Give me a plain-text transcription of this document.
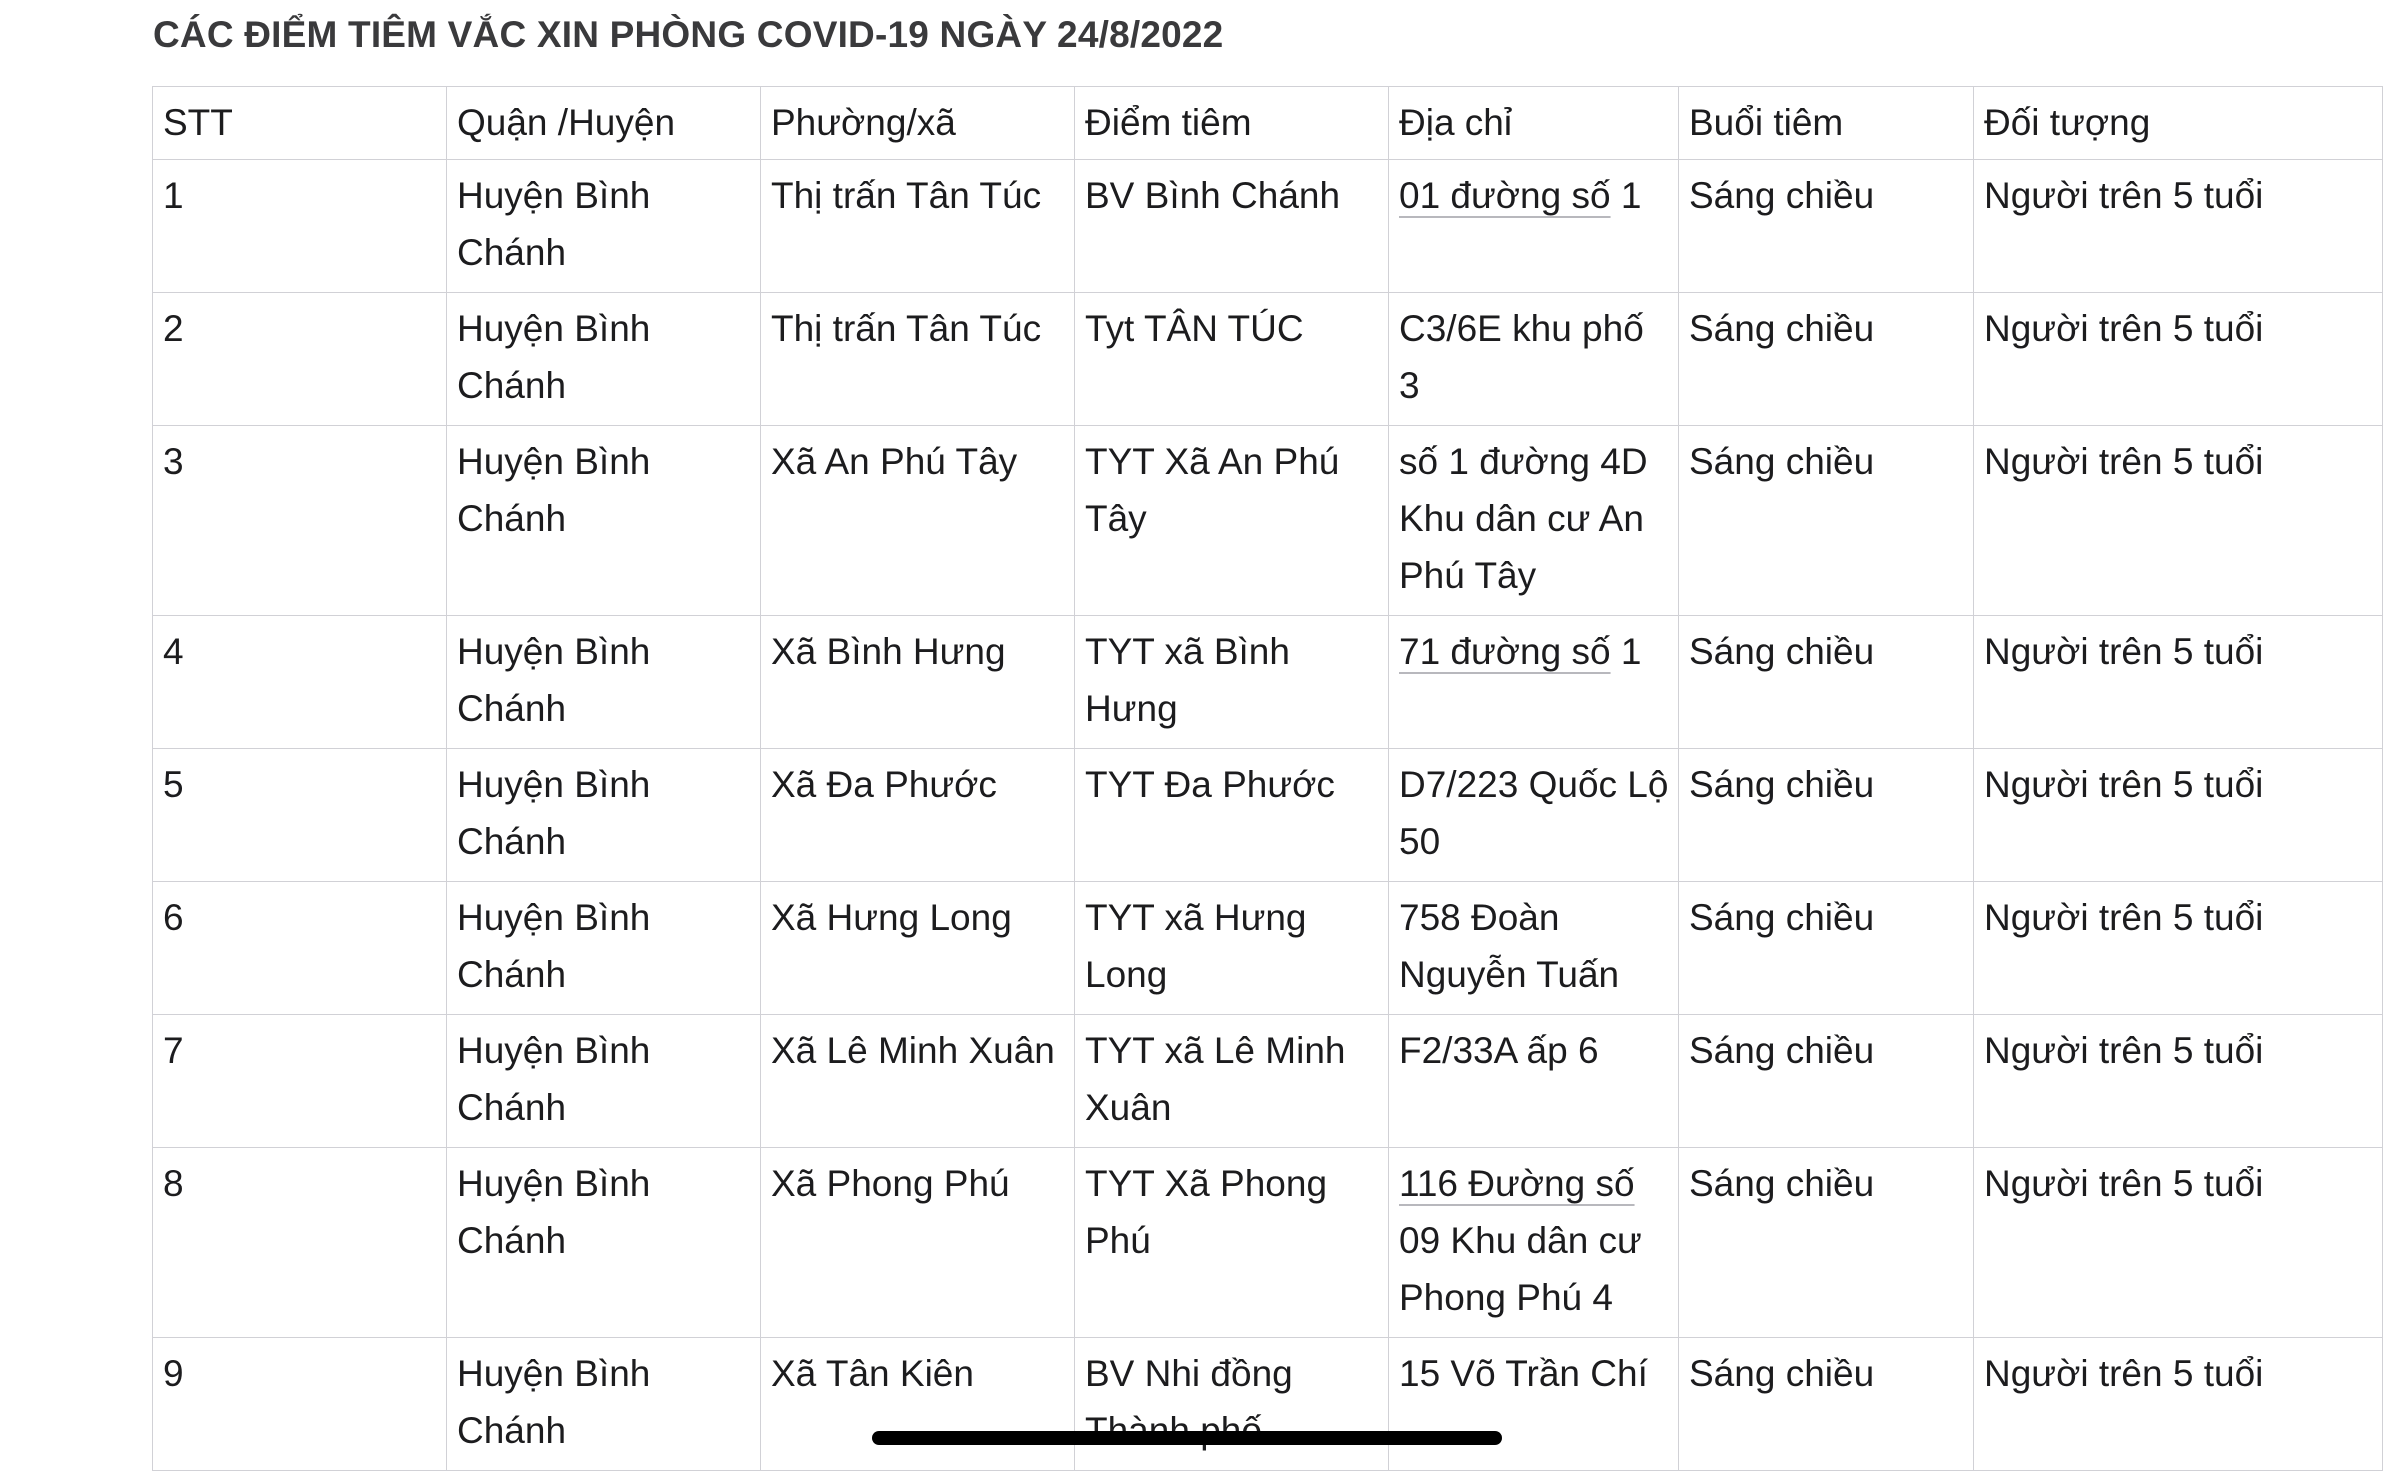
CÁC ĐIỂM TIÊM VẮC XIN PHÒNG COVID-19 NGÀY 24/8/2022
STT	Quận /Huyện	Phường/xã	Điểm tiêm	Địa chỉ	Buổi tiêm	Đối tượng
1	Huyện Bình Chánh	Thị trấn Tân Túc	BV Bình Chánh	01 đường số 1	Sáng chiều	Người trên 5 tuổi
2	Huyện Bình Chánh	Thị trấn Tân Túc	Tyt TÂN TÚC	C3/6E khu phố 3	Sáng chiều	Người trên 5 tuổi
3	Huyện Bình Chánh	Xã An Phú Tây	TYT Xã An Phú Tây	số 1 đường 4D Khu dân cư An Phú Tây	Sáng chiều	Người trên 5 tuổi
4	Huyện Bình Chánh	Xã Bình Hưng	TYT xã Bình Hưng	71 đường số 1	Sáng chiều	Người trên 5 tuổi
5	Huyện Bình Chánh	Xã Đa Phước	TYT Đa Phước	D7/223 Quốc Lộ 50	Sáng chiều	Người trên 5 tuổi
6	Huyện Bình Chánh	Xã Hưng Long	TYT xã Hưng Long	758 Đoàn Nguyễn Tuấn	Sáng chiều	Người trên 5 tuổi
7	Huyện Bình Chánh	Xã Lê Minh Xuân	TYT xã Lê Minh Xuân	F2/33A ấp 6	Sáng chiều	Người trên 5 tuổi
8	Huyện Bình Chánh	Xã Phong Phú	TYT Xã Phong Phú	116 Đường số 09 Khu dân cư Phong Phú 4	Sáng chiều	Người trên 5 tuổi
9	Huyện Bình Chánh	Xã Tân Kiên	BV Nhi đồng	15 Võ Trần Chí	Sáng chiều	Người trên 5 tuổi
